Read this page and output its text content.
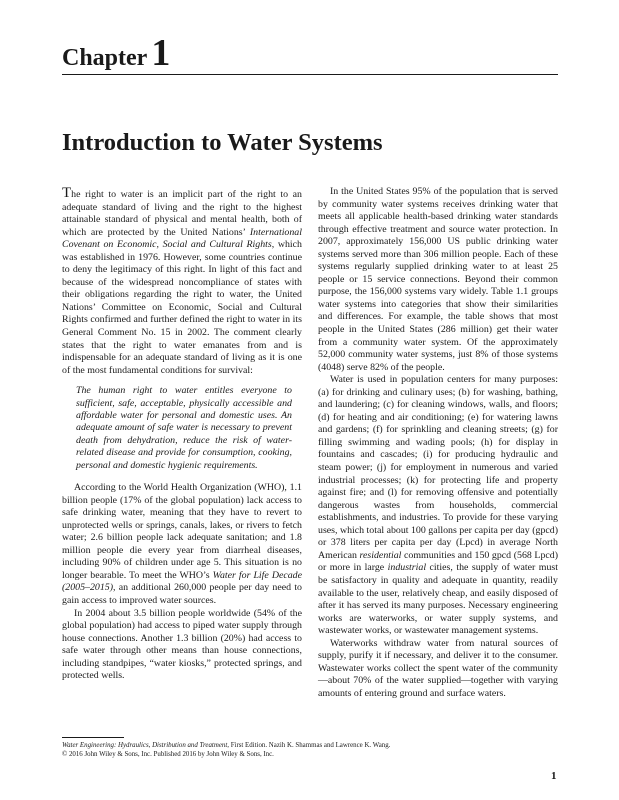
Chapter 1
Introduction to Water Systems

The right to water is an implicit part of the right to an adequate standard of living and the right to the highest attainable standard of physical and mental health, both of which are protected by the United Nations’ International Covenant on Economic, Social and Cultural Rights, which was established in 1976. However, some countries continue to deny the legitimacy of this right. In light of this fact and because of the widespread noncompliance of states with their obligations regarding the right to water, the United Nations’ Committee on Economic, Social and Cultural Rights confirmed and further defined the right to water in its General Comment No. 15 in 2002. The comment clearly states that the right to water emanates from and is indispensable for an adequate standard of living as it is one of the most fundamental conditions for survival:

The human right to water entitles everyone to sufficient, safe, acceptable, physically accessible and affordable water for personal and domestic uses. An adequate amount of safe water is necessary to prevent death from dehydration, reduce the risk of water-related disease and provide for consumption, cooking, personal and domestic hygienic requirements.

According to the World Health Organization (WHO), 1.1 billion people (17% of the global population) lack access to safe drinking water, meaning that they have to revert to unprotected wells or springs, canals, lakes, or rivers to fetch water; 2.6 billion people lack adequate sanitation; and 1.8 million people die every year from diarrheal diseases, including 90% of children under age 5. This situation is no longer bearable. To meet the WHO’s Water for Life Decade (2005–2015), an additional 260,000 people per day need to gain access to improved water sources.

In 2004 about 3.5 billion people worldwide (54% of the global population) had access to piped water supply through house connections. Another 1.3 billion (20%) had access to safe water through other means than house connections, including standpipes, “water kiosks,” protected springs, and protected wells.

In the United States 95% of the population that is served by community water systems receives drinking water that meets all applicable health-based drinking water standards through effective treatment and source water protection. In 2007, approximately 156,000 US public drinking water systems served more than 306 million people. Each of these systems regularly supplied drinking water to at least 25 people or 15 service connections. Beyond their common purpose, the 156,000 systems vary widely. Table 1.1 groups water systems into categories that show their similarities and differences. For example, the table shows that most people in the United States (286 million) get their water from a community water system. Of the approximately 52,000 community water systems, just 8% of those systems (4048) serve 82% of the people.

Water is used in population centers for many purposes: (a) for drinking and culinary uses; (b) for washing, bathing, and laundering; (c) for cleaning windows, walls, and floors; (d) for heating and air conditioning; (e) for watering lawns and gardens; (f) for sprinkling and cleaning streets; (g) for filling swimming and wading pools; (h) for display in fountains and cascades; (i) for producing hydraulic and steam power; (j) for employment in numerous and varied industrial processes; (k) for protecting life and property against fire; and (l) for removing offensive and potentially dangerous wastes from households, commercial establishments, and industries. To provide for these varying uses, which total about 100 gallons per capita per day (gpcd) or 378 liters per capita per day (Lpcd) in average North American residential communities and 150 gpcd (568 Lpcd) or more in large industrial cities, the supply of water must be satisfactory in quality and adequate in quantity, readily available to the user, relatively cheap, and easily disposed of after it has served its many purposes. Necessary engineering works are waterworks, or water supply systems, and wastewater works, or wastewater management systems.

Waterworks withdraw water from natural sources of supply, purify it if necessary, and deliver it to the consumer. Wastewater works collect the spent water of the community—about 70% of the water supplied—together with varying amounts of entering ground and surface waters.

Water Engineering: Hydraulics, Distribution and Treatment, First Edition. Nazih K. Shammas and Lawrence K. Wang.
© 2016 John Wiley & Sons, Inc. Published 2016 by John Wiley & Sons, Inc.
1
